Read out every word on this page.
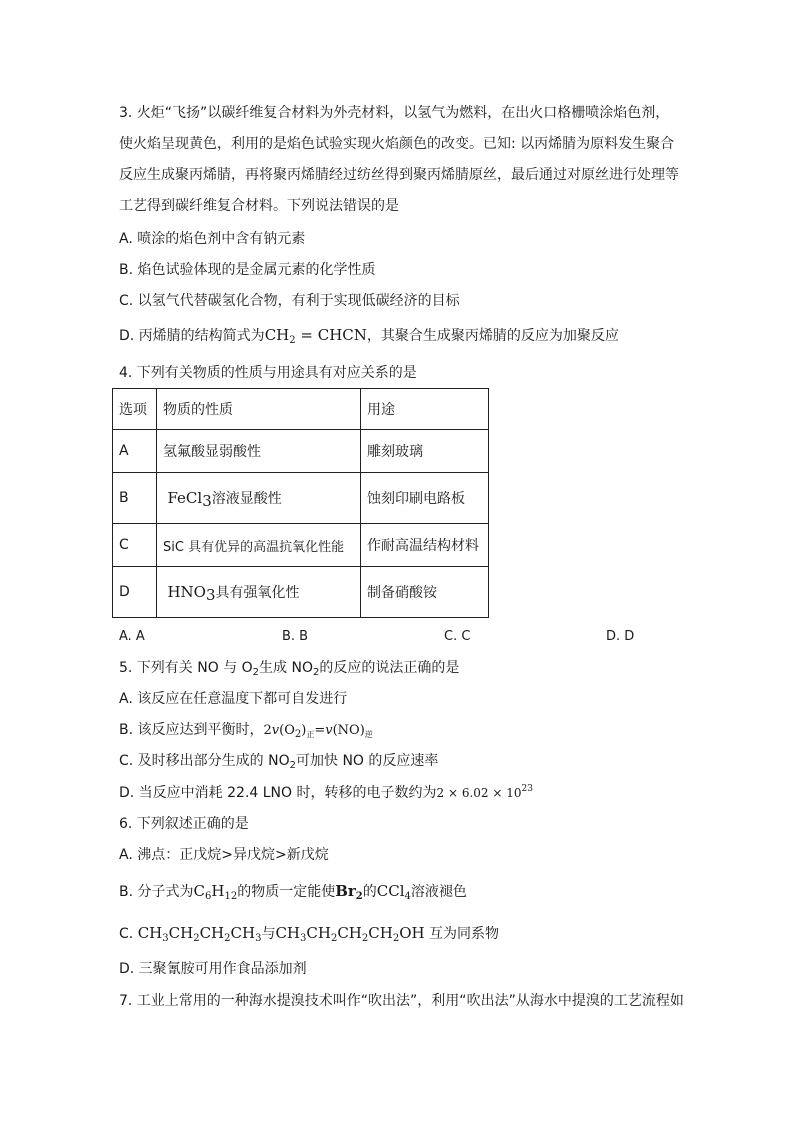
3. 火炬“飞扬”以碳纤维复合材料为外壳材料，以氢气为燃料，在出火口格栅喷涂焰色剂，
使火焰呈现黄色，利用的是焰色试验实现火焰颜色的改变。已知: 以丙烯腈为原料发生聚合
反应生成聚丙烯腈，再将聚丙烯腈经过纺丝得到聚丙烯腈原丝，最后通过对原丝进行处理等
工艺得到碳纤维复合材料。下列说法错误的是
A. 喷涂的焰色剂中含有钠元素
B. 焰色试验体现的是金属元素的化学性质
C. 以氢气代替碳氢化合物，有利于实现低碳经济的目标
D. 丙烯腈的结构简式为$CH_2$ = CHCN，其聚合生成聚丙烯腈的反应为加聚反应
4. 下列有关物质的性质与用途具有对应关系的是
选项	物质的性质	用途
A	氢氟酸显弱酸性	雕刻玻璃
B	FeCl$_3$溶液显酸性	蚀刻印刷电路板
C	SiC 具有优异的高温抗氧化性能	作耐高温结构材料
D	$HNO_3$具有强氧化性	制备硝酸铵
A. A	B. B	C. C	D. D
5. 下列有关 NO 与 $O_2$生成 $NO_2$的反应的说法正确的是
A. 该反应在任意温度下都可自发进行
B. 该反应达到平衡时，$2v(O_2)_正=v(NO)_逆$
C. 及时移出部分生成的 $NO_2$可加快 NO 的反应速率
D. 当反应中消耗 22.4 LNO 时，转移的电子数约为$2 \times 6.02 \times 10^{23}$
6. 下列叙述正确的是
A. 沸点：正戊烷>异戊烷>新戊烷
B. 分子式为$C_6H_{12}$的物质一定能使$Br_2$的CCl$_4$溶液褪色
C. $CH_3CH_2CH_2CH_3$与$CH_3CH_2CH_2CH_2OH$ 互为同系物
D. 三聚氰胺可用作食品添加剂
7. 工业上常用的一种海水提溴技术叫作“吹出法”，利用“吹出法”从海水中提溴的工艺流程如
